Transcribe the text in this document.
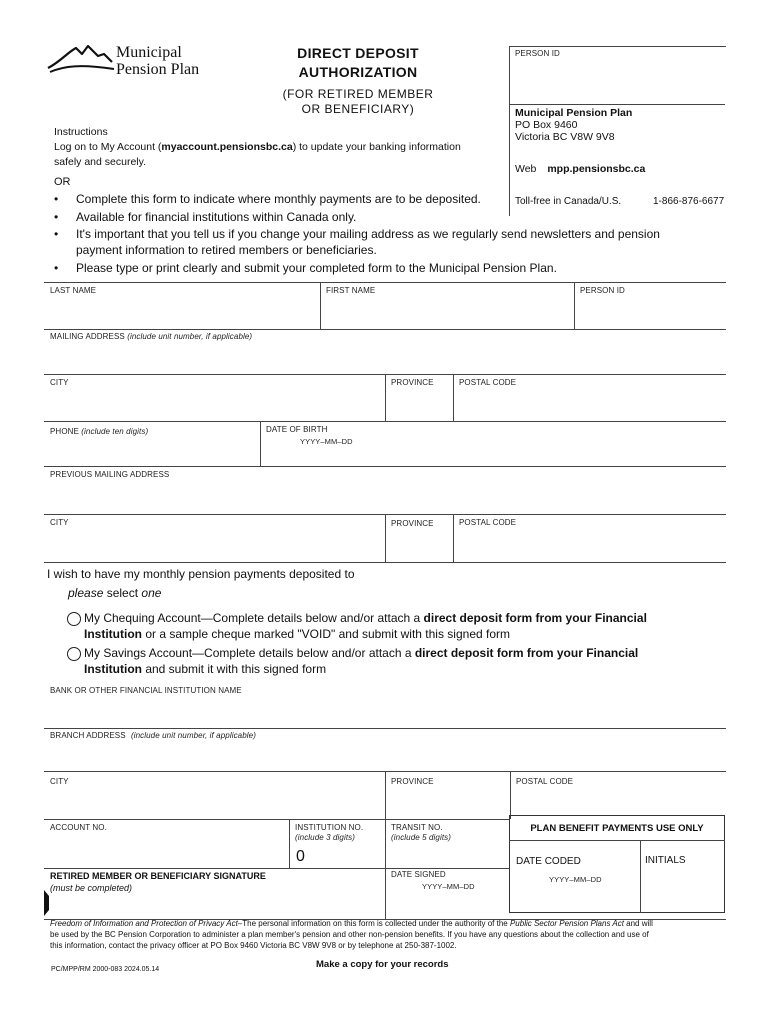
Municipal
Pension Plan
DIRECT DEPOSIT
AUTHORIZATION
(FOR RETIRED MEMBER
OR BENEFICIARY)
PERSON ID
Municipal Pension Plan
PO Box 9460
Victoria BC V8W 9V8
Web mpp.pensionsbc.ca
Toll-free in Canada/U.S.	1-866-876-6677
Instructions
Log on to My Account (myaccount.pensionsbc.ca) to update your banking information
safely and securely.
OR
• Complete this form to indicate where monthly payments are to be deposited.
• Available for financial institutions within Canada only.
• It's important that you tell us if you change your mailing address as we regularly send newsletters and pension
payment information to retired members or beneficiaries.
• Please type or print clearly and submit your completed form to the Municipal Pension Plan.
LAST NAME	FIRST NAME	PERSON ID
MAILING ADDRESS (include unit number, if applicable)
CITY	PROVINCE	POSTAL CODE
PHONE (include ten digits)	DATE OF BIRTH
YYYY–MM–DD
PREVIOUS MAILING ADDRESS
CITY	PROVINCE	POSTAL CODE
I wish to have my monthly pension payments deposited to
please select one
My Chequing Account—Complete details below and/or attach a direct deposit form from your Financial
Institution or a sample cheque marked "VOID" and submit with this signed form
My Savings Account—Complete details below and/or attach a direct deposit form from your Financial
Institution and submit it with this signed form
BANK OR OTHER FINANCIAL INSTITUTION NAME
BRANCH ADDRESS (include unit number, if applicable)
CITY	PROVINCE	POSTAL CODE
ACCOUNT NO.	INSTITUTION NO.
(include 3 digits)
0
TRANSIT NO.
(include 5 digits)
PLAN BENEFIT PAYMENTS USE ONLY
DATE CODED	INITIALS
YYYY–MM–DD
RETIRED MEMBER OR BENEFICIARY SIGNATURE
(must be completed)
DATE SIGNED
YYYY–MM–DD
Freedom of Information and Protection of Privacy Act–The personal information on this form is collected under the authority of the Public Sector Pension Plans Act and will
be used by the BC Pension Corporation to administer a plan member's pension and other non-pension benefits. If you have any questions about the collection and use of
this information, contact the privacy officer at PO Box 9460 Victoria BC V8W 9V8 or by telephone at 250-387-1002.
Make a copy for your records
PC/MPP/RM 2000-083 2024.05.14
